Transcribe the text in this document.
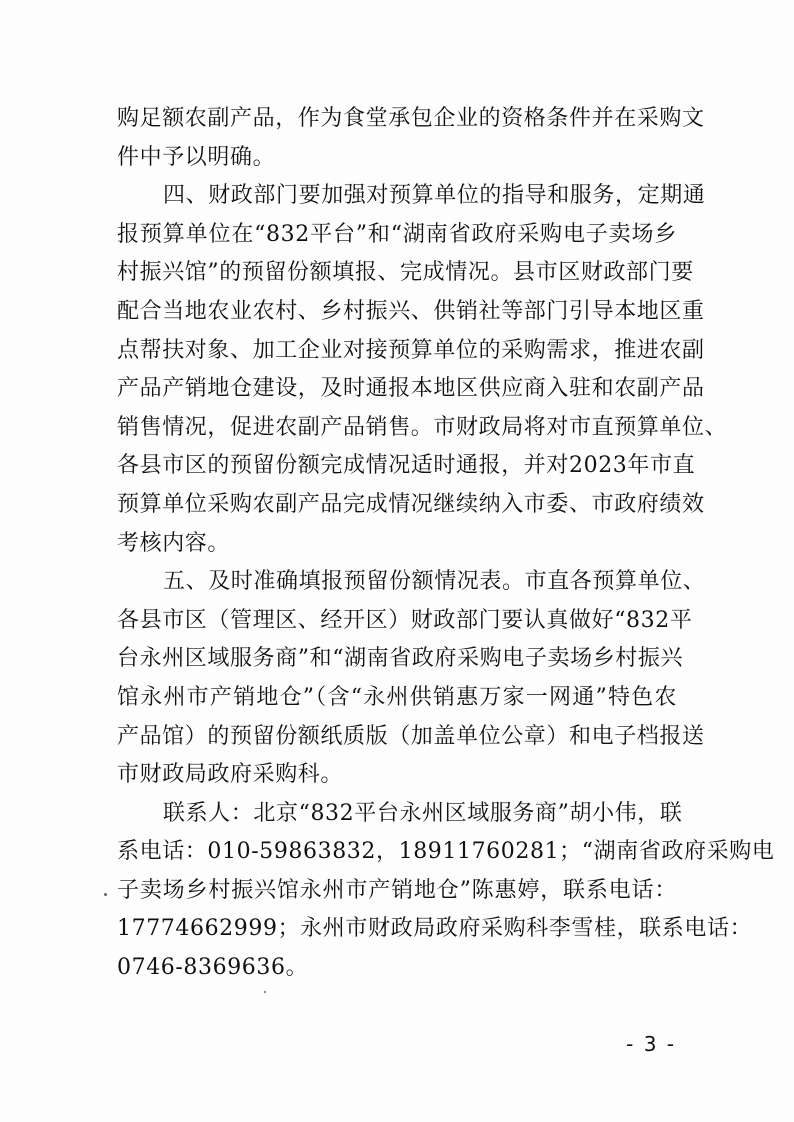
购足额农副产品，作为食堂承包企业的资格条件并在采购文
件中予以明确。
四、财政部门要加强对预算单位的指导和服务，定期通
报预算单位在“832平台”和“湖南省政府采购电子卖场乡
村振兴馆”的预留份额填报、完成情况。县市区财政部门要
配合当地农业农村、乡村振兴、供销社等部门引导本地区重
点帮扶对象、加工企业对接预算单位的采购需求，推进农副
产品产销地仓建设，及时通报本地区供应商入驻和农副产品
销售情况，促进农副产品销售。市财政局将对市直预算单位、
各县市区的预留份额完成情况适时通报，并对2023年市直
预算单位采购农副产品完成情况继续纳入市委、市政府绩效
考核内容。
五、及时准确填报预留份额情况表。市直各预算单位、
各县市区（管理区、经开区）财政部门要认真做好“832平
台永州区域服务商”和“湖南省政府采购电子卖场乡村振兴
馆永州市产销地仓”（含“永州供销惠万家一网通”特色农
产品馆）的预留份额纸质版（加盖单位公章）和电子档报送
市财政局政府采购科。
联系人：北京“832平台永州区域服务商”胡小伟，联
系电话：010-59863832，18911760281；“湖南省政府采购电
子卖场乡村振兴馆永州市产销地仓”陈惠婷，联系电话：
17774662999；永州市财政局政府采购科李雪桂，联系电话：
0746-8369636。
- 3 -
